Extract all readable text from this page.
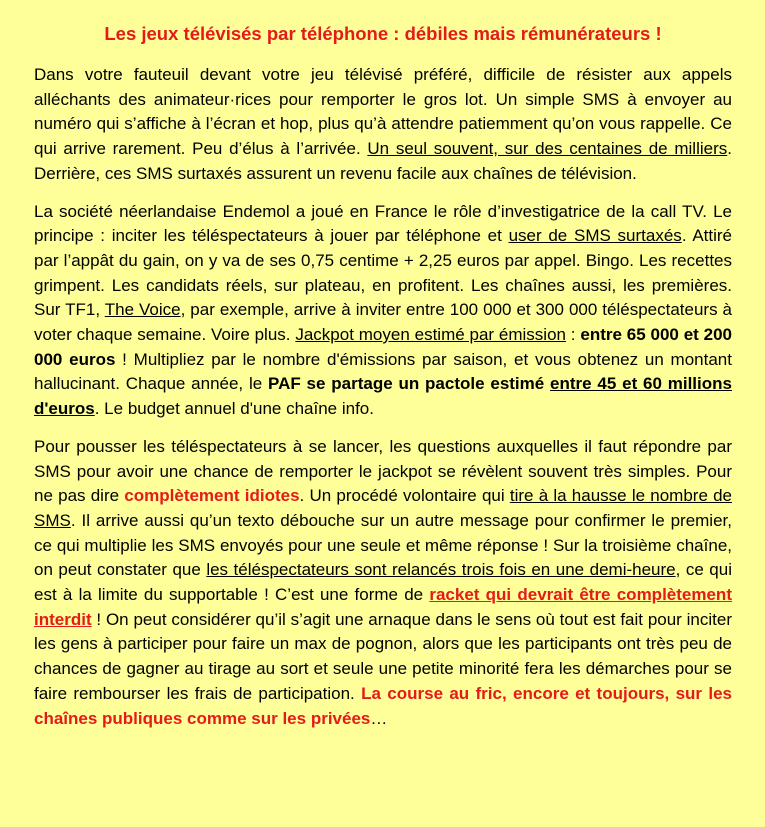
Les jeux télévisés par téléphone : débiles mais rémunérateurs !

Dans votre fauteuil devant votre jeu télévisé préféré, difficile de résister aux appels alléchants des animateur·rices pour remporter le gros lot. Un simple SMS à envoyer au numéro qui s’affiche à l’écran et hop, plus qu’à attendre patiemment qu’on vous rappelle. Ce qui arrive rarement. Peu d’élus à l’arrivée. Un seul souvent, sur des centaines de milliers. Derrière, ces SMS surtaxés assurent un revenu facile aux chaînes de télévision.

La société néerlandaise Endemol a joué en France le rôle d’investigatrice de la call TV. Le principe : inciter les téléspectateurs à jouer par téléphone et user de SMS surtaxés. Attiré par l’appât du gain, on y va de ses 0,75 centime + 2,25 euros par appel. Bingo. Les recettes grimpent. Les candidats réels, sur plateau, en profitent. Les chaînes aussi, les premières. Sur TF1, The Voice, par exemple, arrive à inviter entre 100 000 et 300 000 téléspectateurs à voter chaque semaine. Voire plus. Jackpot moyen estimé par émission : entre 65 000 et 200 000 euros ! Multipliez par le nombre d'émissions par saison, et vous obtenez un montant hallucinant. Chaque année, le PAF se partage un pactole estimé entre 45 et 60 millions d'euros. Le budget annuel d'une chaîne info.

Pour pousser les téléspectateurs à se lancer, les questions auxquelles il faut répondre par SMS pour avoir une chance de remporter le jackpot se révèlent souvent très simples. Pour ne pas dire complètement idiotes. Un procédé volontaire qui tire à la hausse le nombre de SMS. Il arrive aussi qu’un texto débouche sur un autre message pour confirmer le premier, ce qui multiplie les SMS envoyés pour une seule et même réponse ! Sur la troisième chaîne, on peut constater que les téléspectateurs sont relancés trois fois en une demi-heure, ce qui est à la limite du supportable ! C’est une forme de racket qui devrait être complètement interdit ! On peut considérer qu’il s’agit une arnaque dans le sens où tout est fait pour inciter les gens à participer pour faire un max de pognon, alors que les participants ont très peu de chances de gagner au tirage au sort et seule une petite minorité fera les démarches pour se faire rembourser les frais de participation. La course au fric, encore et toujours, sur les chaînes publiques comme sur les privées…
